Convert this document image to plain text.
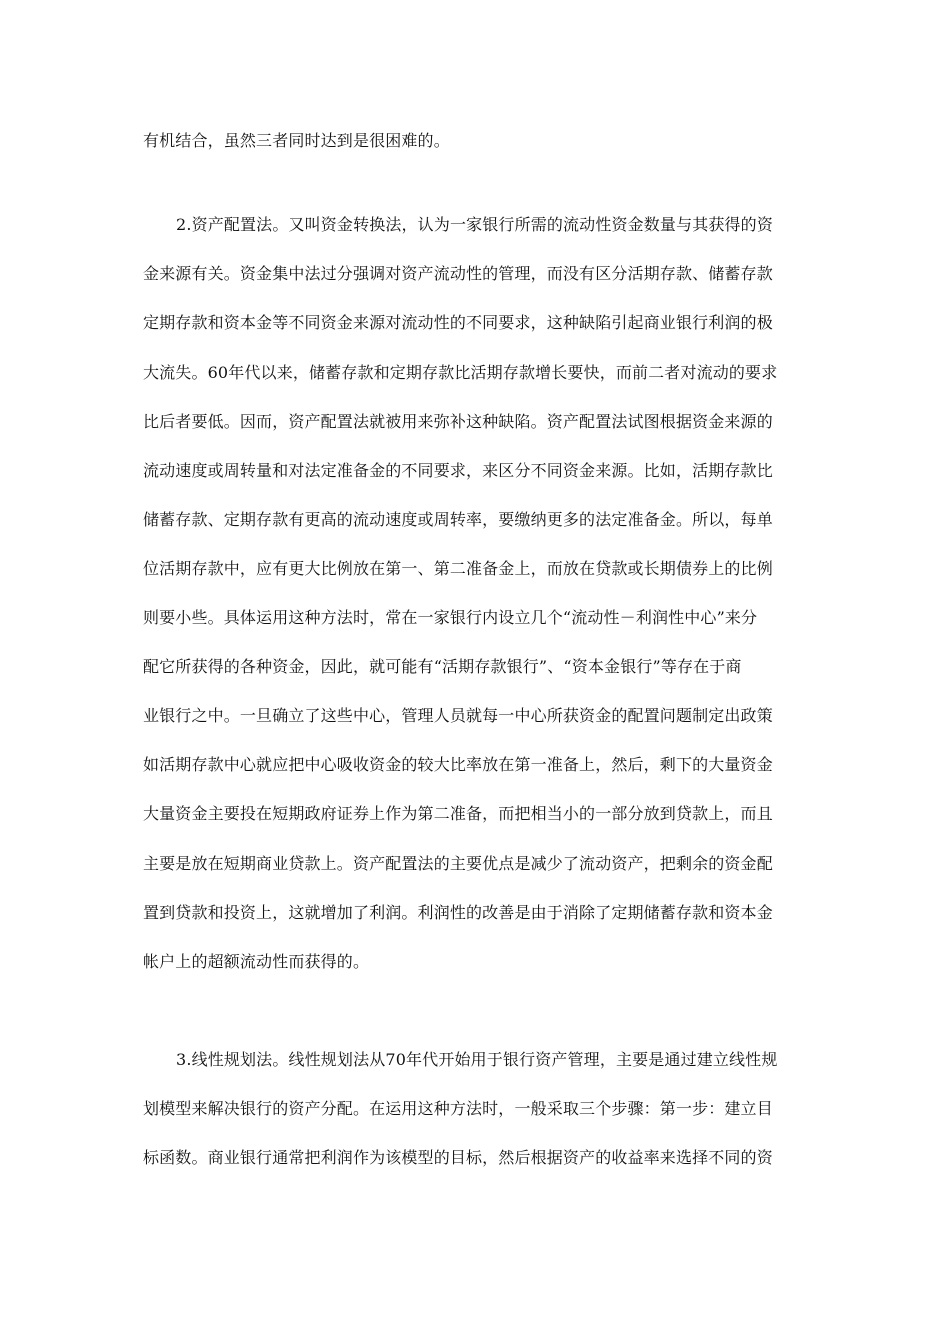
有机结合，虽然三者同时达到是很困难的。
2.资产配置法。又叫资金转换法，认为一家银行所需的流动性资金数量与其获得的资
金来源有关。资金集中法过分强调对资产流动性的管理，而没有区分活期存款、储蓄存款
定期存款和资本金等不同资金来源对流动性的不同要求，这种缺陷引起商业银行利润的极
大流失。60年代以来，储蓄存款和定期存款比活期存款增长要快，而前二者对流动的要求
比后者要低。因而，资产配置法就被用来弥补这种缺陷。资产配置法试图根据资金来源的
流动速度或周转量和对法定准备金的不同要求，来区分不同资金来源。比如，活期存款比
储蓄存款、定期存款有更高的流动速度或周转率，要缴纳更多的法定准备金。所以，每单
位活期存款中，应有更大比例放在第一、第二准备金上，而放在贷款或长期债券上的比例
则要小些。具体运用这种方法时，常在一家银行内设立几个“流动性－利润性中心”来分
配它所获得的各种资金，因此，就可能有“活期存款银行”、“资本金银行”等存在于商
业银行之中。一旦确立了这些中心，管理人员就每一中心所获资金的配置问题制定出政策
如活期存款中心就应把中心吸收资金的较大比率放在第一准备上，然后，剩下的大量资金
大量资金主要投在短期政府证券上作为第二准备，而把相当小的一部分放到贷款上，而且
主要是放在短期商业贷款上。资产配置法的主要优点是减少了流动资产，把剩余的资金配
置到贷款和投资上，这就增加了利润。利润性的改善是由于消除了定期储蓄存款和资本金
帐户上的超额流动性而获得的。
3.线性规划法。线性规划法从70年代开始用于银行资产管理，主要是通过建立线性规
划模型来解决银行的资产分配。在运用这种方法时，一般采取三个步骤：第一步：建立目
标函数。商业银行通常把利润作为该模型的目标，然后根据资产的收益率来选择不同的资
